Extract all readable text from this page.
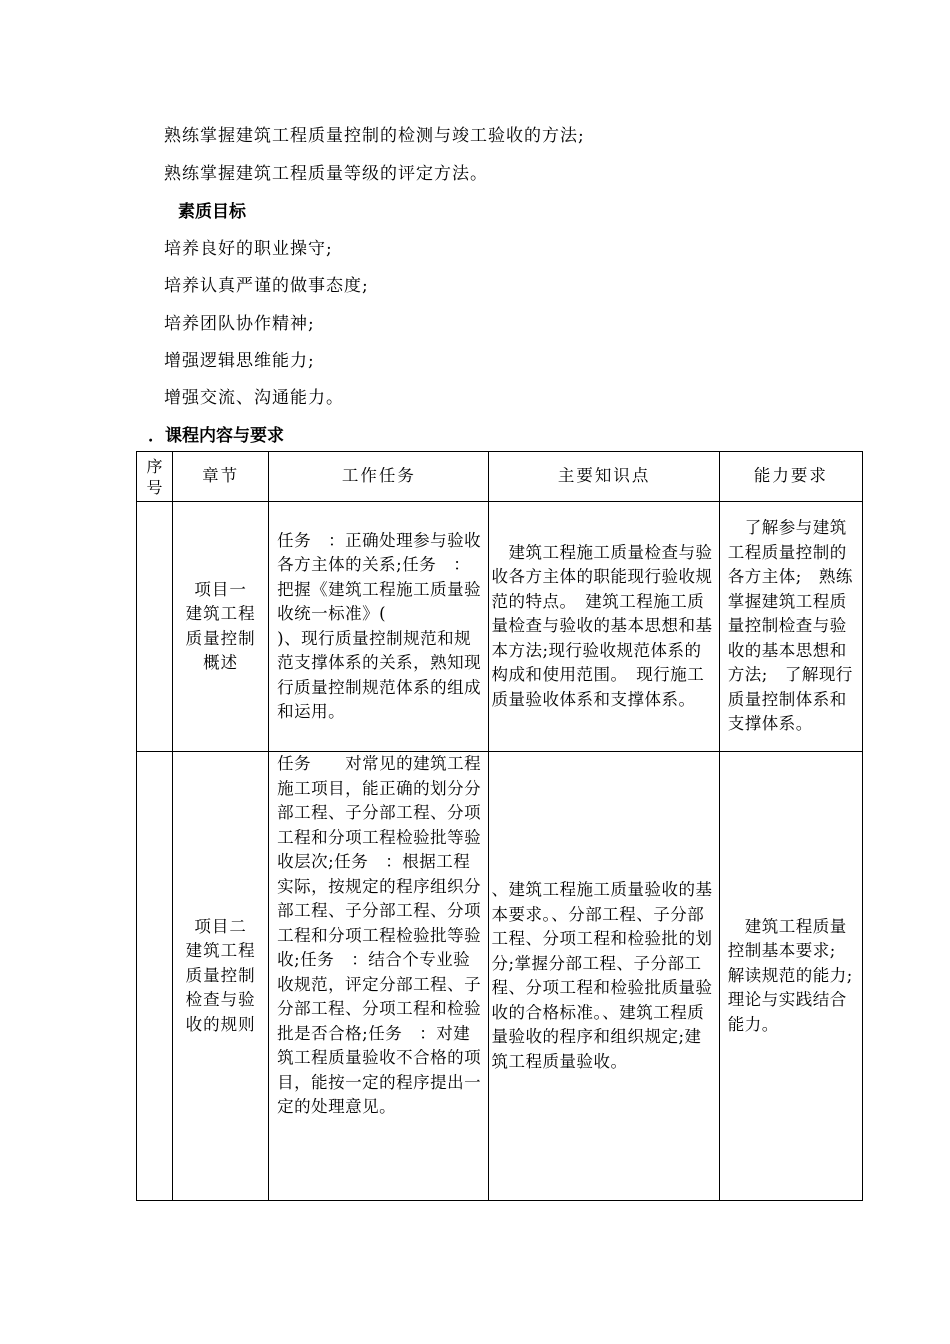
熟练掌握建筑工程质量控制的检测与竣工验收的方法;
熟练掌握建筑工程质量等级的评定方法。
素质目标
培养良好的职业操守;
培养认真严谨的做事态度;
培养团队协作精神;
增强逻辑思维能力;
增强交流、沟通能力。
．课程内容与要求
序号	章节	工作任务	主要知识点	能力要求

	项目一
建筑工程
质量控制
概述	任务　：正确处理参与验收各方主体的关系;任务　：把握《建筑工程施工质量验收统一标准》(　　　　　)、现行质量控制规范和规范支撑体系的关系，熟知现行质量控制规范体系的组成和运用。	　建筑工程施工质量检查与验收各方主体的职能现行验收规范的特点。　建筑工程施工质量检查与验收的基本思想和基本方法;现行验收规范体系的构成和使用范围。　现行施工质量验收体系和支撑体系。	　了解参与建筑工程质量控制的各方主体;　熟练掌握建筑工程质量控制检查与验收的基本思想和方法;　了解现行质量控制体系和支撑体系。

	项目二
建筑工程
质量控制
检查与验
收的规则	任务　　对常见的建筑工程施工项目，能正确的划分分部工程、子分部工程、分项工程和分项工程检验批等验收层次;任务　：根据工程实际，按规定的程序组织分部工程、子分部工程、分项工程和分项工程检验批等验收;任务　：结合个专业验收规范，评定分部工程、子分部工程、分项工程和检验批是否合格;任务　：对建筑工程质量验收不合格的项目，能按一定的程序提出一定的处理意见。	、建筑工程施工质量验收的基本要求。、分部工程、子分部工程、分项工程和检验批的划分;掌握分部工程、子分部工程、分项工程和检验批质量验收的合格标准。、建筑工程质量验收的程序和组织规定;建筑工程质量验收。	　建筑工程质量控制基本要求;　解读规范的能力;　理论与实践结合能力。
